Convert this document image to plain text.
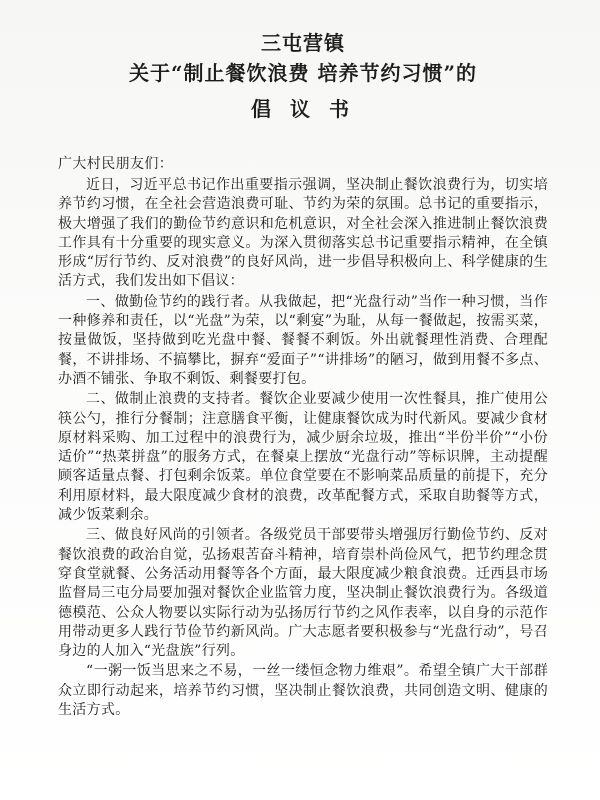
三屯营镇
关于“制止餐饮浪费 培养节约习惯”的
倡 议 书
广大村民朋友们：

近日，习近平总书记作出重要指示强调，坚决制止餐饮浪费行为，切实培养节约习惯，在全社会营造浪费可耻、节约为荣的氛围。总书记的重要指示，极大增强了我们的勤俭节约意识和危机意识，对全社会深入推进制止餐饮浪费工作具有十分重要的现实意义。为深入贯彻落实总书记重要指示精神，在全镇形成“厉行节约、反对浪费”的良好风尚，进一步倡导积极向上、科学健康的生活方式，我们发出如下倡议：

一、做勤俭节约的践行者。从我做起，把“光盘行动”当作一种习惯，当作一种修养和责任，以“光盘”为荣，以“剩宴”为耻，从每一餐做起，按需买菜，按量做饭，坚持做到吃光盘中餐、餐餐不剩饭。外出就餐理性消费、合理配餐，不讲排场、不搞攀比，摒弃“爱面子”“讲排场”的陋习，做到用餐不多点、办酒不铺张、争取不剩饭、剩餐要打包。

二、做制止浪费的支持者。餐饮企业要减少使用一次性餐具，推广使用公筷公勺，推行分餐制；注意膳食平衡，让健康餐饮成为时代新风。要减少食材原材料采购、加工过程中的浪费行为，减少厨余垃圾，推出“半份半价”“小份适价”“热菜拼盘”的服务方式，在餐桌上摆放“光盘行动”等标识牌，主动提醒顾客适量点餐、打包剩余饭菜。单位食堂要在不影响菜品质量的前提下，充分利用原材料，最大限度减少食材的浪费，改革配餐方式，采取自助餐等方式，减少饭菜剩余。

三、做良好风尚的引领者。各级党员干部要带头增强厉行勤俭节约、反对餐饮浪费的政治自觉，弘扬艰苦奋斗精神，培育崇朴尚俭风气，把节约理念贯穿食堂就餐、公务活动用餐等各个方面，最大限度减少粮食浪费。迁西县市场监督局三屯分局要加强对餐饮企业监管力度，坚决制止餐饮浪费行为。各级道德模范、公众人物要以实际行动为弘扬厉行节约之风作表率，以自身的示范作用带动更多人践行节俭节约新风尚。广大志愿者要积极参与“光盘行动”，号召身边的人加入“光盘族”行列。

“一粥一饭当思来之不易，一丝一缕恒念物力维艰”。希望全镇广大干部群众立即行动起来，培养节约习惯，坚决制止餐饮浪费，共同创造文明、健康的生活方式。
